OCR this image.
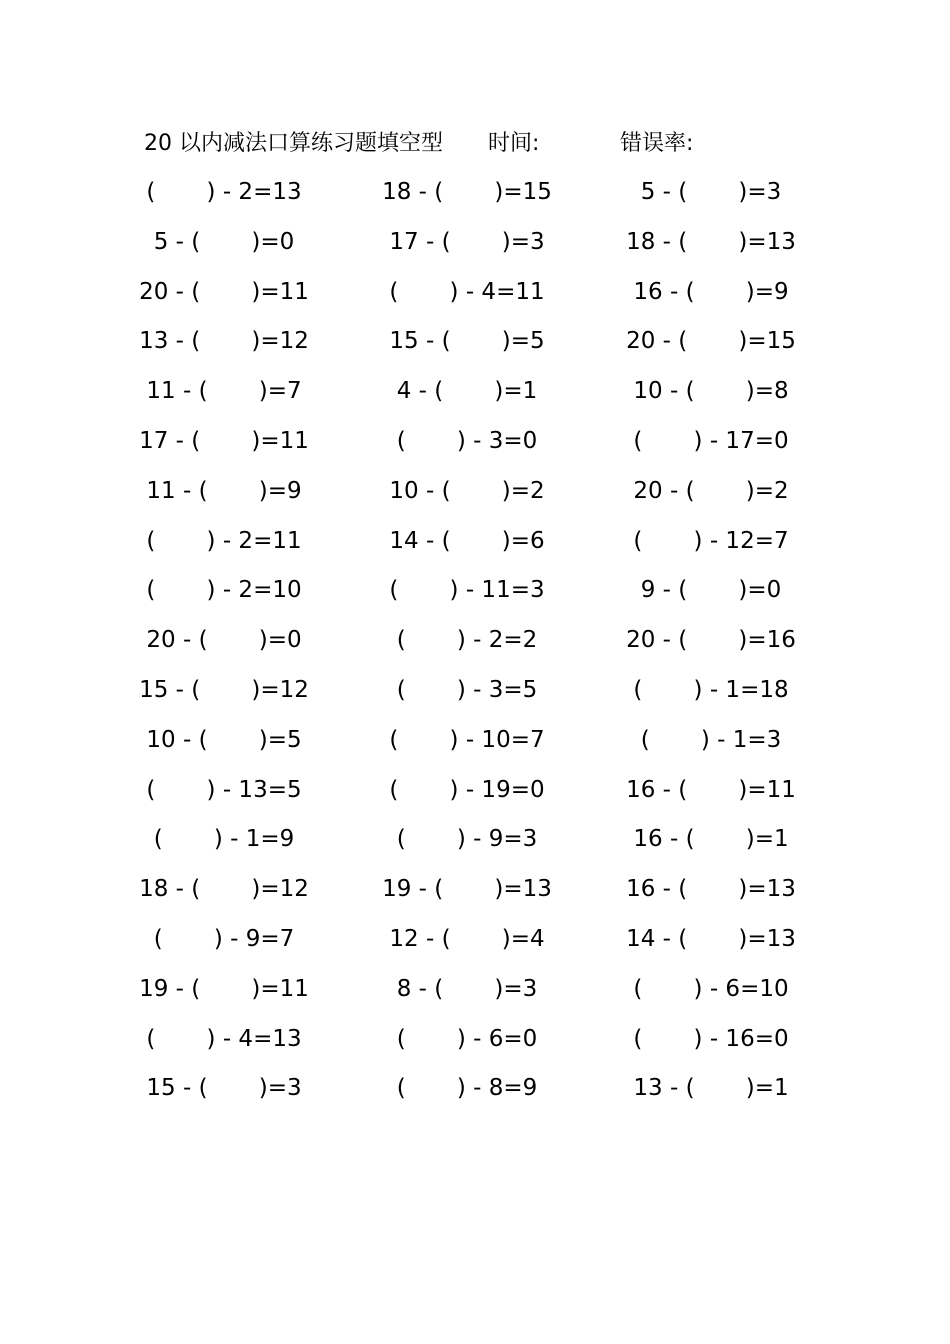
20 以内减法口算练习题填空型 时间:	错误率:
(       ) - 2=13	18 - (       )=15	5 - (       )=3
5 - (       )=0	17 - (       )=3	18 - (       )=13
20 - (       )=11	(       ) - 4=11	16 - (       )=9
13 - (       )=12	15 - (       )=5	20 - (       )=15
11 - (       )=7	4 - (       )=1	10 - (       )=8
17 - (       )=11	(       ) - 3=0	(       ) - 17=0
11 - (       )=9	10 - (       )=2	20 - (       )=2
(       ) - 2=11	14 - (       )=6	(       ) - 12=7
(       ) - 2=10	(       ) - 11=3	9 - (       )=0
20 - (       )=0	(       ) - 2=2	20 - (       )=16
15 - (       )=12	(       ) - 3=5	(       ) - 1=18
10 - (       )=5	(       ) - 10=7	(       ) - 1=3
(       ) - 13=5	(       ) - 19=0	16 - (       )=11
(       ) - 1=9	(       ) - 9=3	16 - (       )=1
18 - (       )=12	19 - (       )=13	16 - (       )=13
(       ) - 9=7	12 - (       )=4	14 - (       )=13
19 - (       )=11	8 - (       )=3	(       ) - 6=10
(       ) - 4=13	(       ) - 6=0	(       ) - 16=0
15 - (       )=3	(       ) - 8=9	13 - (       )=1
